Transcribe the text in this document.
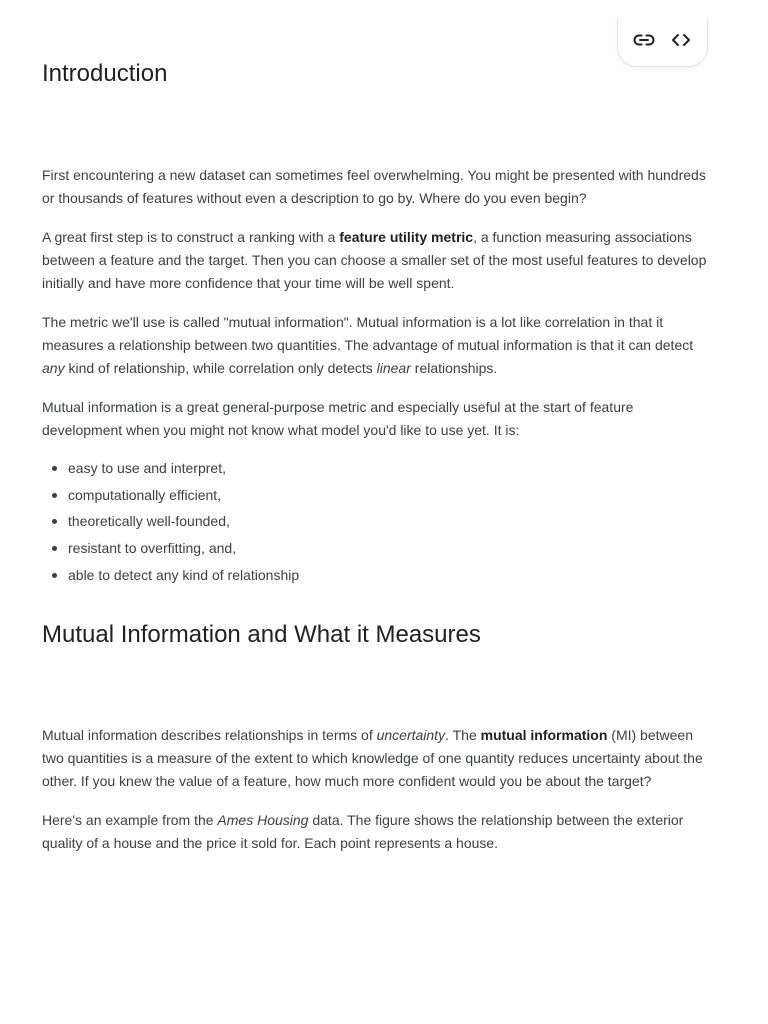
Introduction

First encountering a new dataset can sometimes feel overwhelming. You might be presented with hundreds or thousands of features without even a description to go by. Where do you even begin?

A great first step is to construct a ranking with a feature utility metric, a function measuring associations between a feature and the target. Then you can choose a smaller set of the most useful features to develop initially and have more confidence that your time will be well spent.

The metric we'll use is called "mutual information". Mutual information is a lot like correlation in that it measures a relationship between two quantities. The advantage of mutual information is that it can detect any kind of relationship, while correlation only detects linear relationships.

Mutual information is a great general-purpose metric and especially useful at the start of feature development when you might not know what model you'd like to use yet. It is:

easy to use and interpret,
computationally efficient,
theoretically well-founded,
resistant to overfitting, and,
able to detect any kind of relationship
Mutual Information and What it Measures

Mutual information describes relationships in terms of uncertainty. The mutual information (MI) between two quantities is a measure of the extent to which knowledge of one quantity reduces uncertainty about the other. If you knew the value of a feature, how much more confident would you be about the target?

Here's an example from the Ames Housing data. The figure shows the relationship between the exterior quality of a house and the price it sold for. Each point represents a house.
